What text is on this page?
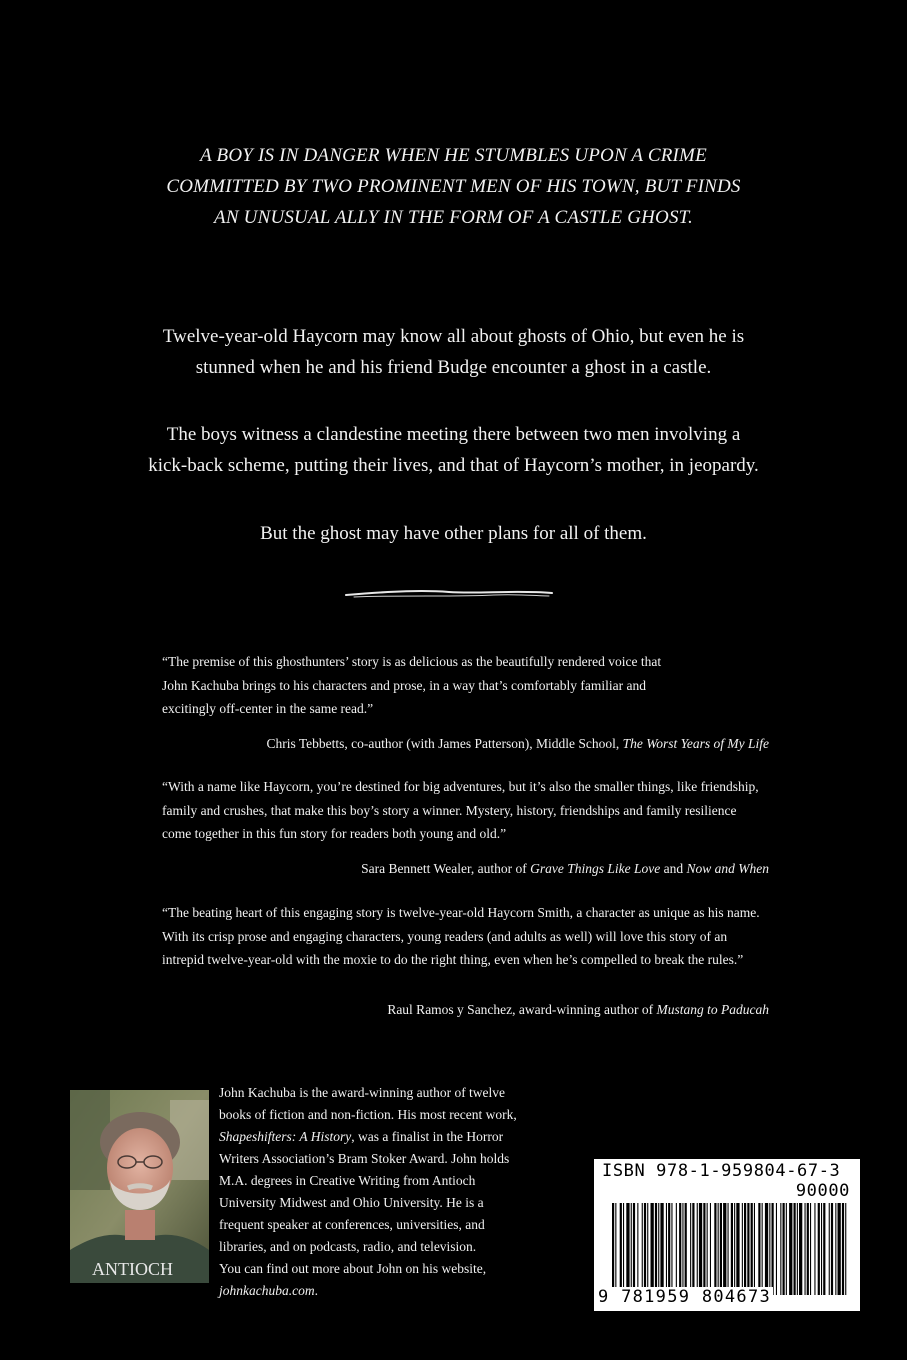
A BOY IS IN DANGER WHEN HE STUMBLES UPON A CRIME
COMMITTED BY TWO PROMINENT MEN OF HIS TOWN, BUT FINDS
AN UNUSUAL ALLY IN THE FORM OF A CASTLE GHOST.
Twelve-year-old Haycorn may know all about ghosts of Ohio, but even he is
stunned when he and his friend Budge encounter a ghost in a castle.
The boys witness a clandestine meeting there between two men involving a
kick-back scheme, putting their lives, and that of Haycorn’s mother, in jeopardy.
But the ghost may have other plans for all of them.
“The premise of this ghosthunters’ story is as delicious as the beautifully rendered voice that
John Kachuba brings to his characters and prose, in a way that’s comfortably familiar and
excitingly off-center in the same read.”
Chris Tebbetts, co-author (with James Patterson), Middle School, The Worst Years of My Life
“With a name like Haycorn, you’re destined for big adventures, but it’s also the smaller things, like friendship,
family and crushes, that make this boy’s story a winner. Mystery, history, friendships and family resilience
come together in this fun story for readers both young and old.”
Sara Bennett Wealer, author of Grave Things Like Love and Now and When
“The beating heart of this engaging story is twelve-year-old Haycorn Smith, a character as unique as his name.
With its crisp prose and engaging characters, young readers (and adults as well) will love this story of an
intrepid twelve-year-old with the moxie to do the right thing, even when he’s compelled to break the rules.”
Raul Ramos y Sanchez, award-winning author of Mustang to Paducah
ANTIOCH
John Kachuba is the award-winning author of twelve
books of fiction and non-fiction. His most recent work,
Shapeshifters: A History, was a finalist in the Horror
Writers Association’s Bram Stoker Award. John holds
M.A. degrees in Creative Writing from Antioch
University Midwest and Ohio University. He is a
frequent speaker at conferences, universities, and
libraries, and on podcasts, radio, and television.
You can find out more about John on his website,
johnkachuba.com.
ISBN 978-1-959804-67-3
90000
9 781959 804673
